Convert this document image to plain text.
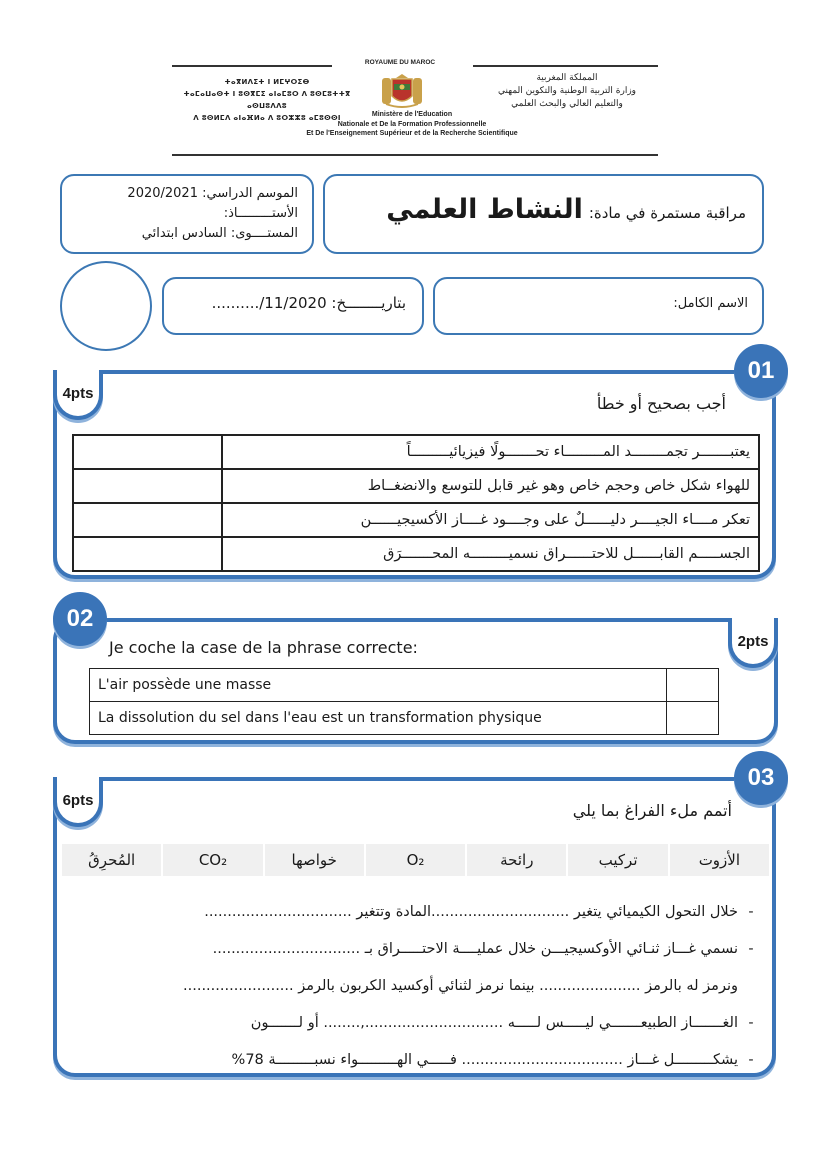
ROYAUME DU MAROC
ⵜⴰⴳⵍⴷⵉⵜ ⵏ ⵍⵎⵖⵔⵉⴱ
ⵜⴰⵎⴰⵡⴰⵙⵜ ⵏ ⵓⵙⴳⵎⵉ ⴰⵏⴰⵎⵓⵔ ⴷ ⵓⵙⵎⵓⵜⵜⴳ ⴰⵙⵡⵓⴷⴷⵓ
ⴷ ⵓⵙⵍⵎⴷ ⴰⵏⴰⴼⵍⴰ ⴷ ⵓⵔⵣⵣⵓ ⴰⵎⵓⵙⵙⵏ
المملكة المغربية
وزارة التربية الوطنية والتكوين المهني
والتعليم العالي والبحث العلمي
Ministère de l'Education
Nationale et De la Formation Professionnelle
Et De l'Enseignement Supérieur et de la Recherche Scientifique
مراقبة مستمرة في مادة:
النشاط العلمي
الموسم الدراسي: 2020/2021
الأستـــــــــاذ:
المستــــوى: السادس ابتدائي
بتاريــــــــخ: 11/2020/..........	الاسم الكامل:
01
4pts
أجب بصحيح أو خطأ
يعتبـــــــر تجمــــــــد المـــــــــاء تحـــــــولًا فيزيائيـــــــــاً	
للهواء شكل خاص وحجم خاص وهو غير قابل للتوسع والانضغــاط	
تعكر مــــاء الجيــــر دليــــــلٌ على وجــــود غــــاز الأكسيجيــــــن	
الجســـــم القابــــــل للاحتــــــراق نسميـــــــــه المحـــــــرَق	
02
2pts
Je coche la case de la phrase correcte:
L'air possède une masse	
La dissolution du sel dans l'eau est un transformation physique	
03
6pts
أتمم ملء الفراغ بما يلي
الأزوت
تركيب
رائحة
O₂
خواصها
CO₂
المُحرِقُ
-
خلال التحول الكيميائي يتغير ..............................المادة وتتغير ................................
-
نسمي غـــاز ثنـائي الأوكسيجيـــن خلال عمليــــة الاحتـــــراق بـ ................................
ونرمز له بالرمز ...................... بينما نرمز لثنائي أوكسيد الكربون بالرمز ........................
-
الغـــــــاز الطبيعـــــــي ليـــــس لـــــه ..............................,........ أو لـــــــون
-
يشكـــــــــل غـــاز ................................... فـــــي الهـــــــــواء نسبـــــــــة 78%
